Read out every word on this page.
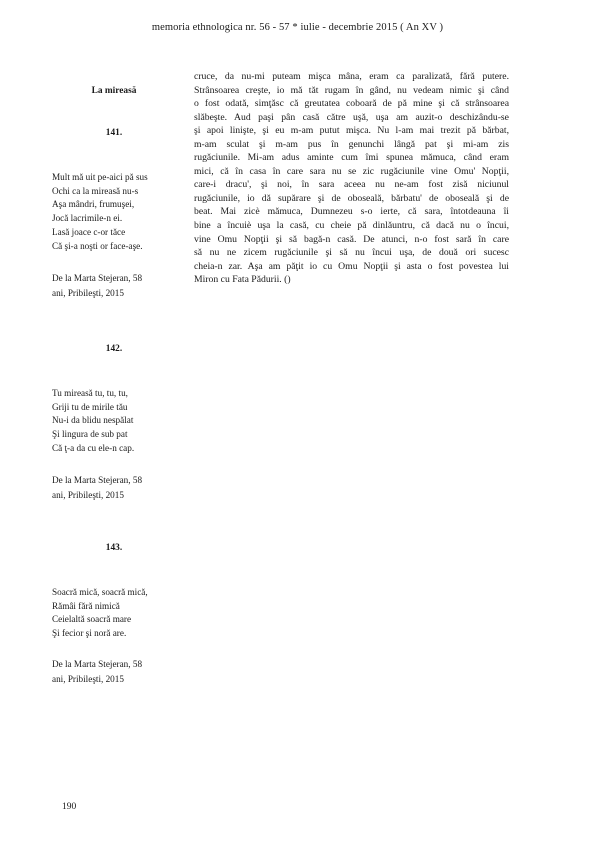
memoria ethnologica nr. 56 - 57 * iulie - decembrie 2015 ( An XV )
La mireasă
141.
Mult mă uit pe-aici pă sus
Ochi ca la mireasă nu-s
Aşa mândri, frumuşei,
Jocă lacrimile-n ei.
Lasă joace c-or tăce
Că şi-a noşti or face-aşe.
De la Marta Stejeran, 58
ani, Pribileşti, 2015
142.
Tu mireasă tu, tu, tu,
Griji tu de mirile tău
Nu-i da blidu nespălat
Şi lingura de sub pat
Că ţ-a da cu ele-n cap.
De la Marta Stejeran, 58
ani, Pribileşti, 2015
143.
Soacră mică, soacră mică,
Rămâi fără nimică
Ceielaltă soacră mare
Şi fecior şi noră are.
De la Marta Stejeran, 58
ani, Pribileşti, 2015
cruce, da nu-mi puteam mişca mâna, eram ca paralizată, fără putere.
Strânsoarea creşte, io mă tăt rugam în gând, nu vedeam nimic şi când
o fost odată, simţăsc că greutatea coboară de pă mine şi că strânsoarea
slăbeşte. Aud paşi pân casă către uşă, uşa am auzit-o deschizându-se
şi apoi linişte, şi eu m-am putut mişca. Nu l-am mai trezit pă bărbat,
m-am sculat şi m-am pus în genunchi lângă pat şi mi-am zis
rugăciunile. Mi-am adus aminte cum îmi spunea mămuca, când eram
mici, că în casa în care sara nu se zic rugăciunile vine Omu' Nopţii,
care-i dracu', şi noi, în sara aceea nu ne-am fost zisă niciunul
rugăciunile, io dă supărare şi de oboseală, bărbatu' de oboseală şi de
beat. Mai zicè mămuca, Dumnezeu s-o ierte, că sara, întotdeauna îi
bine a încuiè uşa la casă, cu cheie pă dinlăuntru, că dacă nu o încui,
vine Omu Nopţii şi să bagă-n casă. De atunci, n-o fost sară în care
să nu ne zicem rugăciunile şi să nu încui uşa, de două ori sucesc
cheia-n zar. Aşa am păţit io cu Omu Nopţii şi asta o fost povestea lui
Miron cu Fata Pădurii. ()
190
